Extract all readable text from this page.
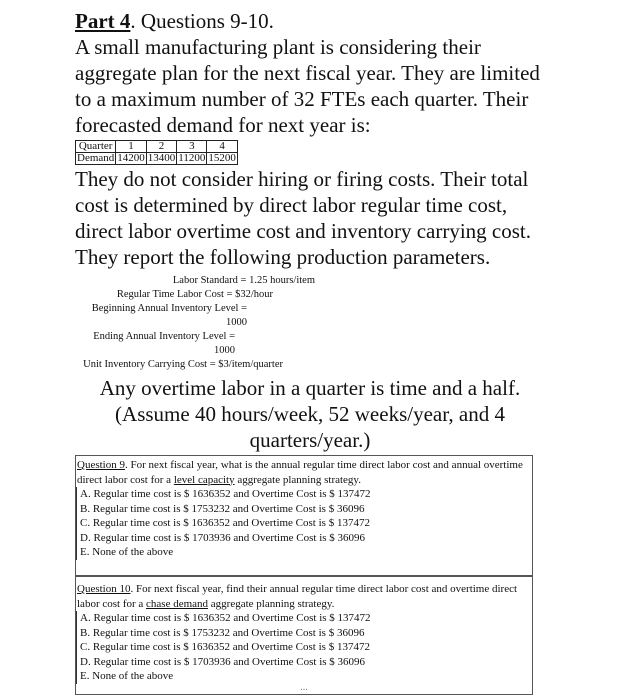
Part 4. Questions 9-10.
A small manufacturing plant is considering their aggregate plan for the next fiscal year. They are limited to a maximum number of 32 FTEs each quarter. Their forecasted demand for next year is:
Quarter	1	2	3	4
Demand	14200	13400	11200	15200
They do not consider hiring or firing costs. Their total cost is determined by direct labor regular time cost, direct labor overtime cost and inventory carrying cost. They report the following production parameters.
Labor Standard = 1.25 hours/item
Regular Time Labor Cost = $32/hour
Beginning Annual Inventory Level = 1000
Ending Annual Inventory Level = 1000
Unit Inventory Carrying Cost = $3/item/quarter
Any overtime labor in a quarter is time and a half.
(Assume 40 hours/week, 52 weeks/year, and 4 quarters/year.)
Question 9. For next fiscal year, what is the annual regular time direct labor cost and annual overtime direct labor cost for a level capacity aggregate planning strategy.
A. Regular time cost is $ 1636352 and Overtime Cost is $ 137472
B. Regular time cost is $ 1753232 and Overtime Cost is $ 36096
C. Regular time cost is $ 1636352 and Overtime Cost is $ 137472
D. Regular time cost is $ 1703936 and Overtime Cost is $ 36096
E. None of the above
Question 10. For next fiscal year, find their annual regular time direct labor cost and overtime direct labor cost for a chase demand aggregate planning strategy.
A. Regular time cost is $ 1636352 and Overtime Cost is $ 137472
B. Regular time cost is $ 1753232 and Overtime Cost is $ 36096
C. Regular time cost is $ 1636352 and Overtime Cost is $ 137472
D. Regular time cost is $ 1703936 and Overtime Cost is $ 36096
E. None of the above
...
